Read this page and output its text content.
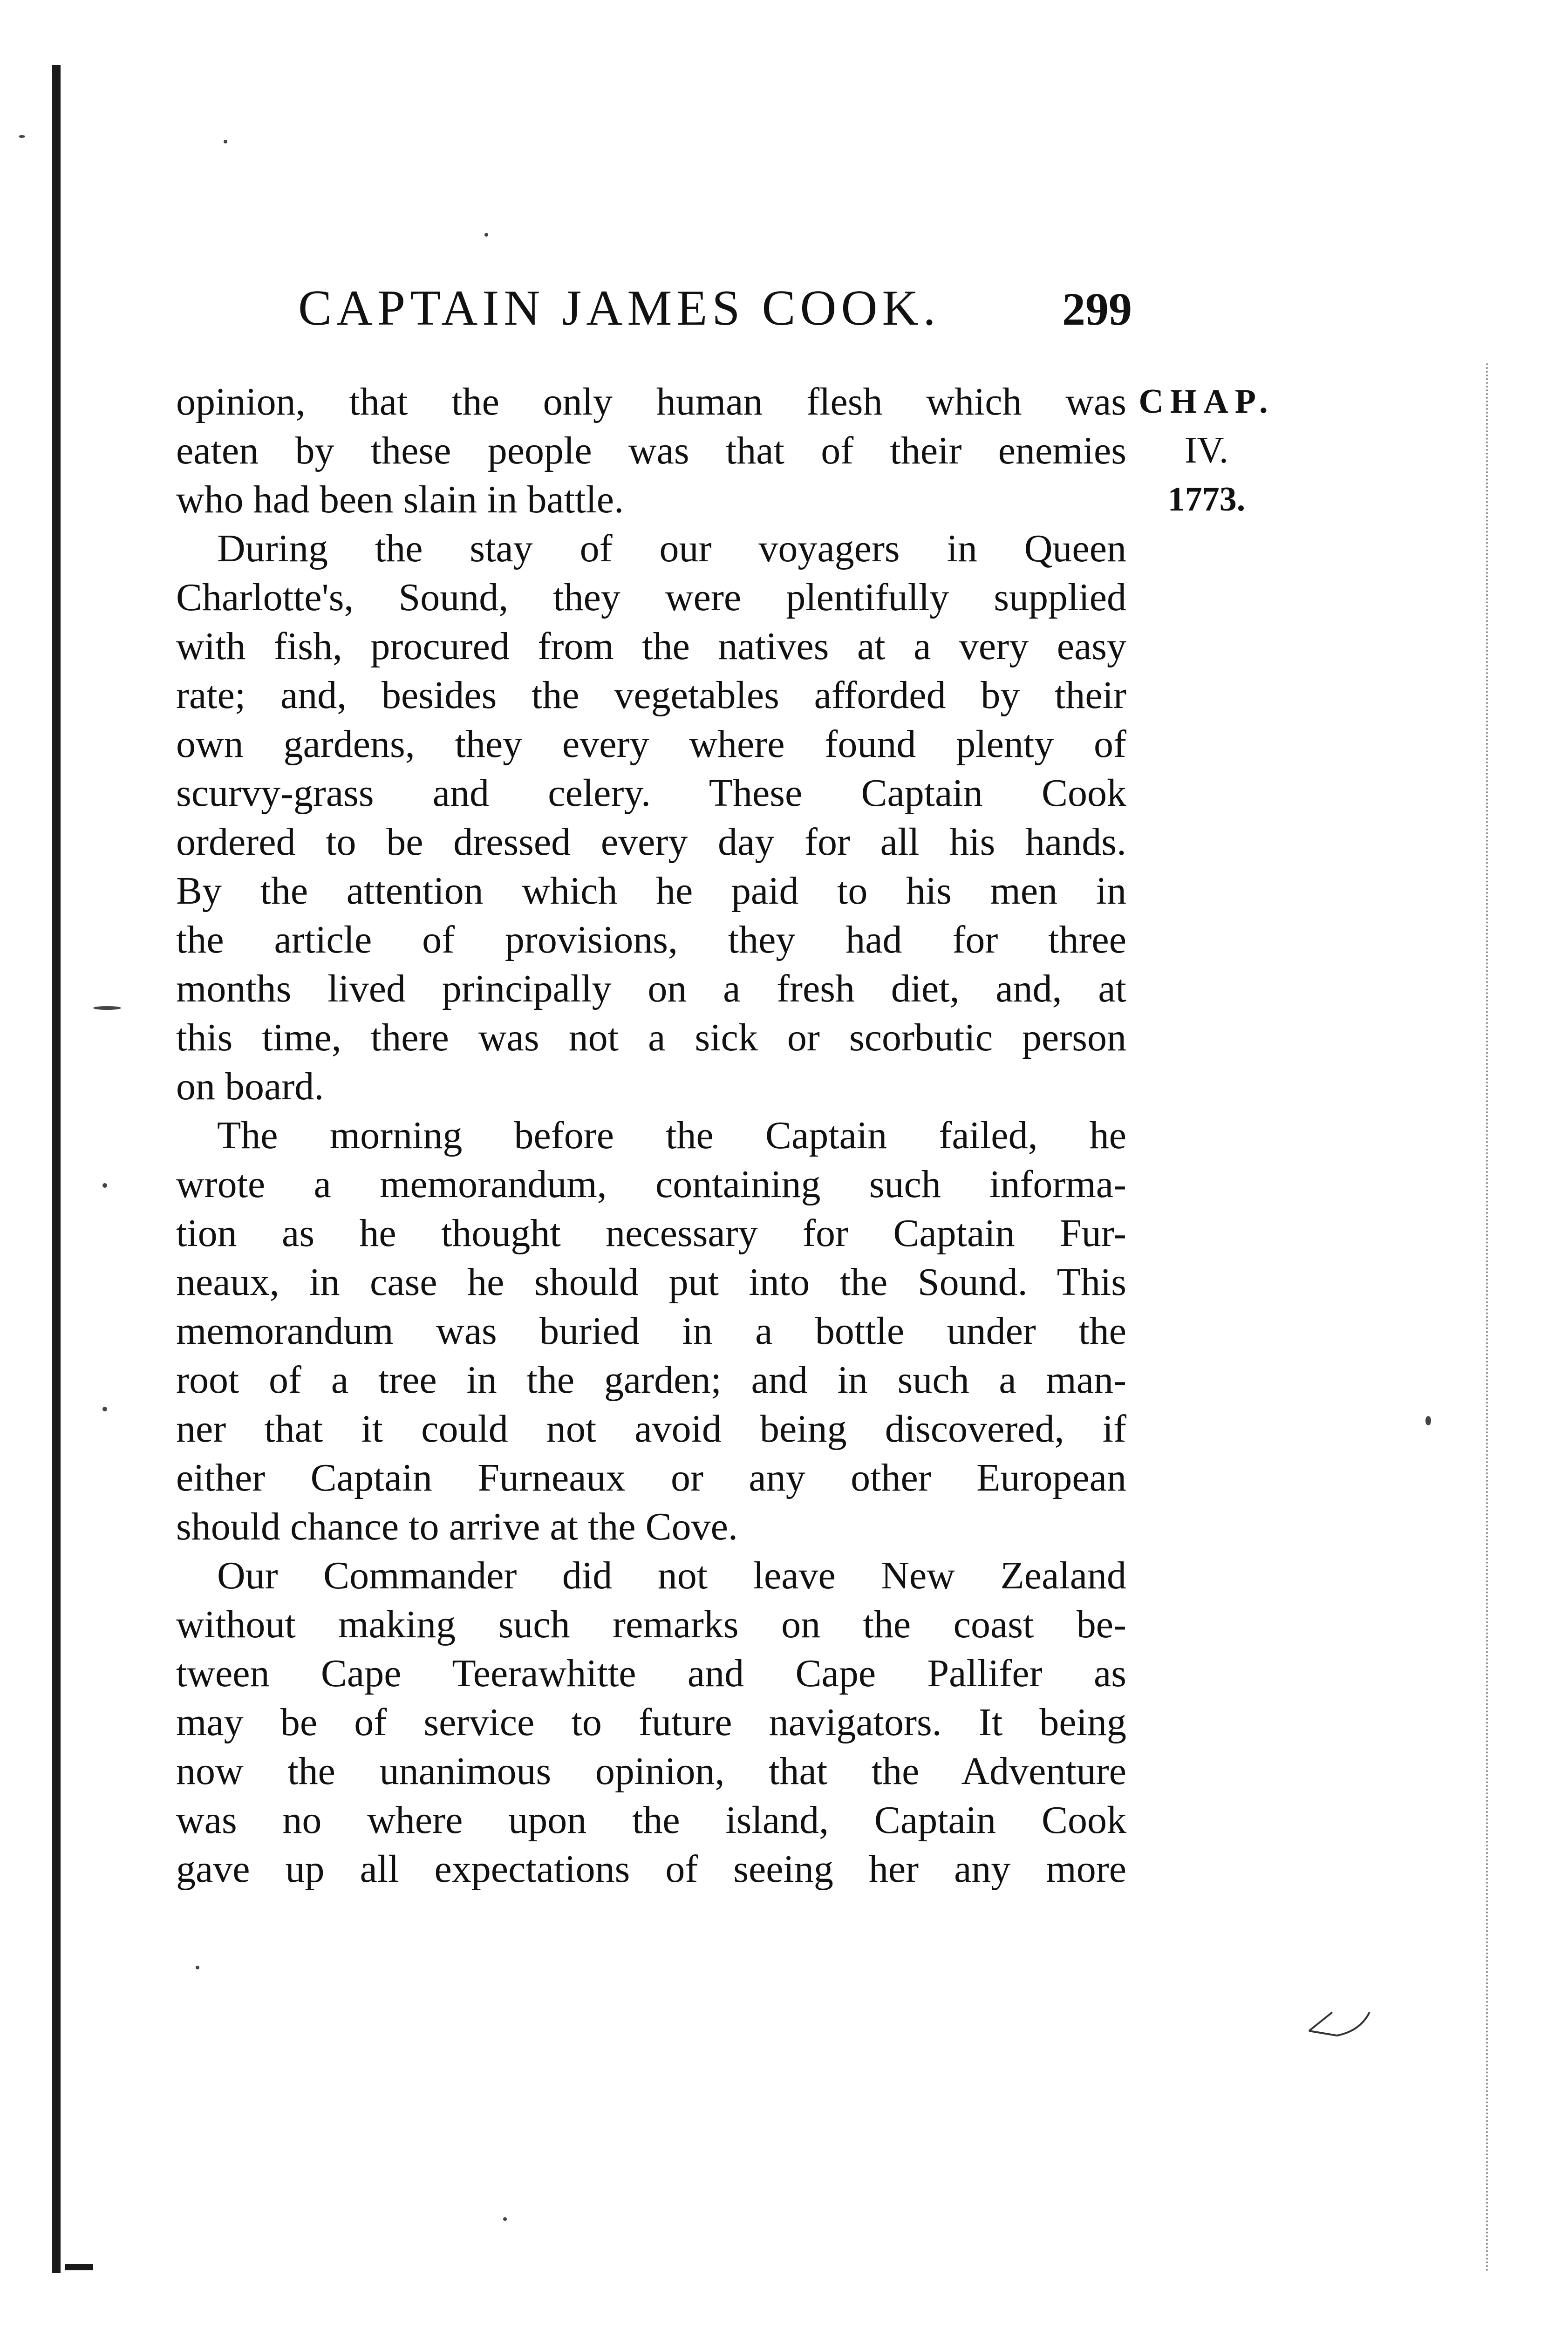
CAPTAIN JAMES COOK.	299
opinion, that the only human flesh which was
eaten by these people was that of their enemies
who had been slain in battle.
During the stay of our voyagers in Queen
Charlotte's, Sound, they were plentifully supplied
with fish, procured from the natives at a very easy
rate; and, besides the vegetables afforded by their
own gardens, they every where found plenty of
scurvy-grass and celery. These Captain Cook
ordered to be dressed every day for all his hands.
By the attention which he paid to his men in
the article of provisions, they had for three
months lived principally on a fresh diet, and, at
this time, there was not a sick or scorbutic person
on board.
The morning before the Captain failed, he
wrote a memorandum, containing such informa-
tion as he thought necessary for Captain Fur-
neaux, in case he should put into the Sound. This
memorandum was buried in a bottle under the
root of a tree in the garden; and in such a man-
ner that it could not avoid being discovered, if
either Captain Furneaux or any other European
should chance to arrive at the Cove.
Our Commander did not leave New Zealand
without making such remarks on the coast be-
tween Cape Teerawhitte and Cape Pallifer as
may be of service to future navigators. It being
now the unanimous opinion, that the Adventure
was no where upon the island, Captain Cook
gave up all expectations of seeing her any more
CHAP.
IV.
1773.
